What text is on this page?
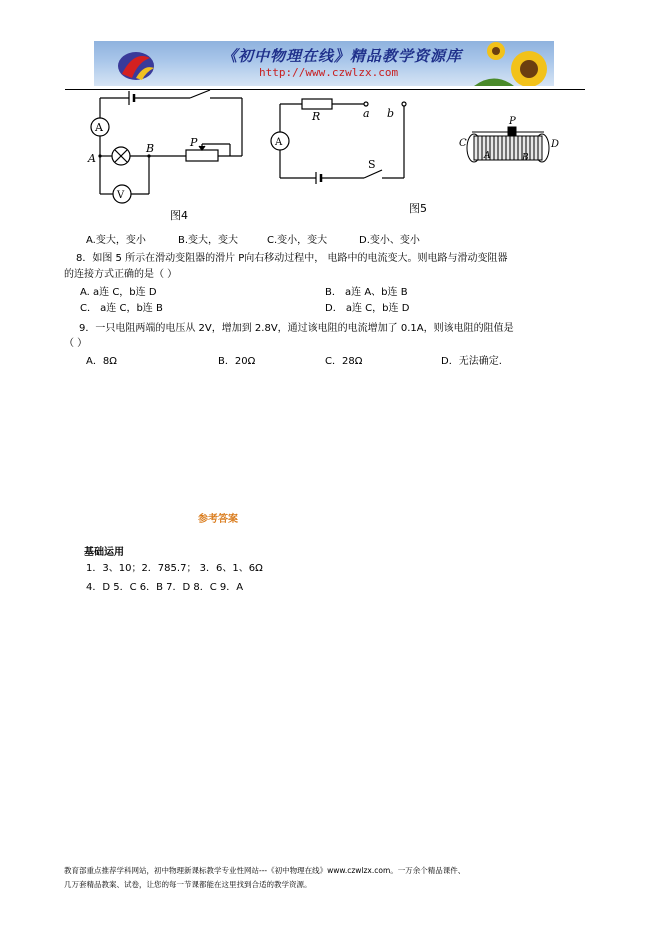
《初中物理在线》精品教学资源库
http://www.czwlzx.com
A
V
A
B	P
图4
A
R	a b
S
P
C	D
A	B
图5
A.变大，变小	B.变大，变大	C.变小，变大	D.变小、变小
8．如图 5 所示在滑动变阻器的滑片 P向右移动过程中， 电路中的电流变大。则电路与滑动变阻器
的连接方式正确的是（ ）
A. a连 C，b连 D	B． a连 A、b连 B
C． a连 C，b连 B	D． a连 C，b连 D
9．一只电阻两端的电压从 2V，增加到 2.8V，通过该电阻的电流增加了 0.1A，则该电阻的阻值是
（ ）
A．8Ω	B．20Ω	C．28Ω	D．无法确定.
参考答案
基础运用
1．3、10；2．785.7； 3．6、1、6Ω
4．D 5．C 6．B 7．D 8．C 9．A
教育部重点推荐学科网站，初中物理新课标教学专业性网站---《初中物理在线》www.czwlzx.com。一万余个精品课件、
几万套精品教案、试卷，让您的每一节课都能在这里找到合适的教学资源。
